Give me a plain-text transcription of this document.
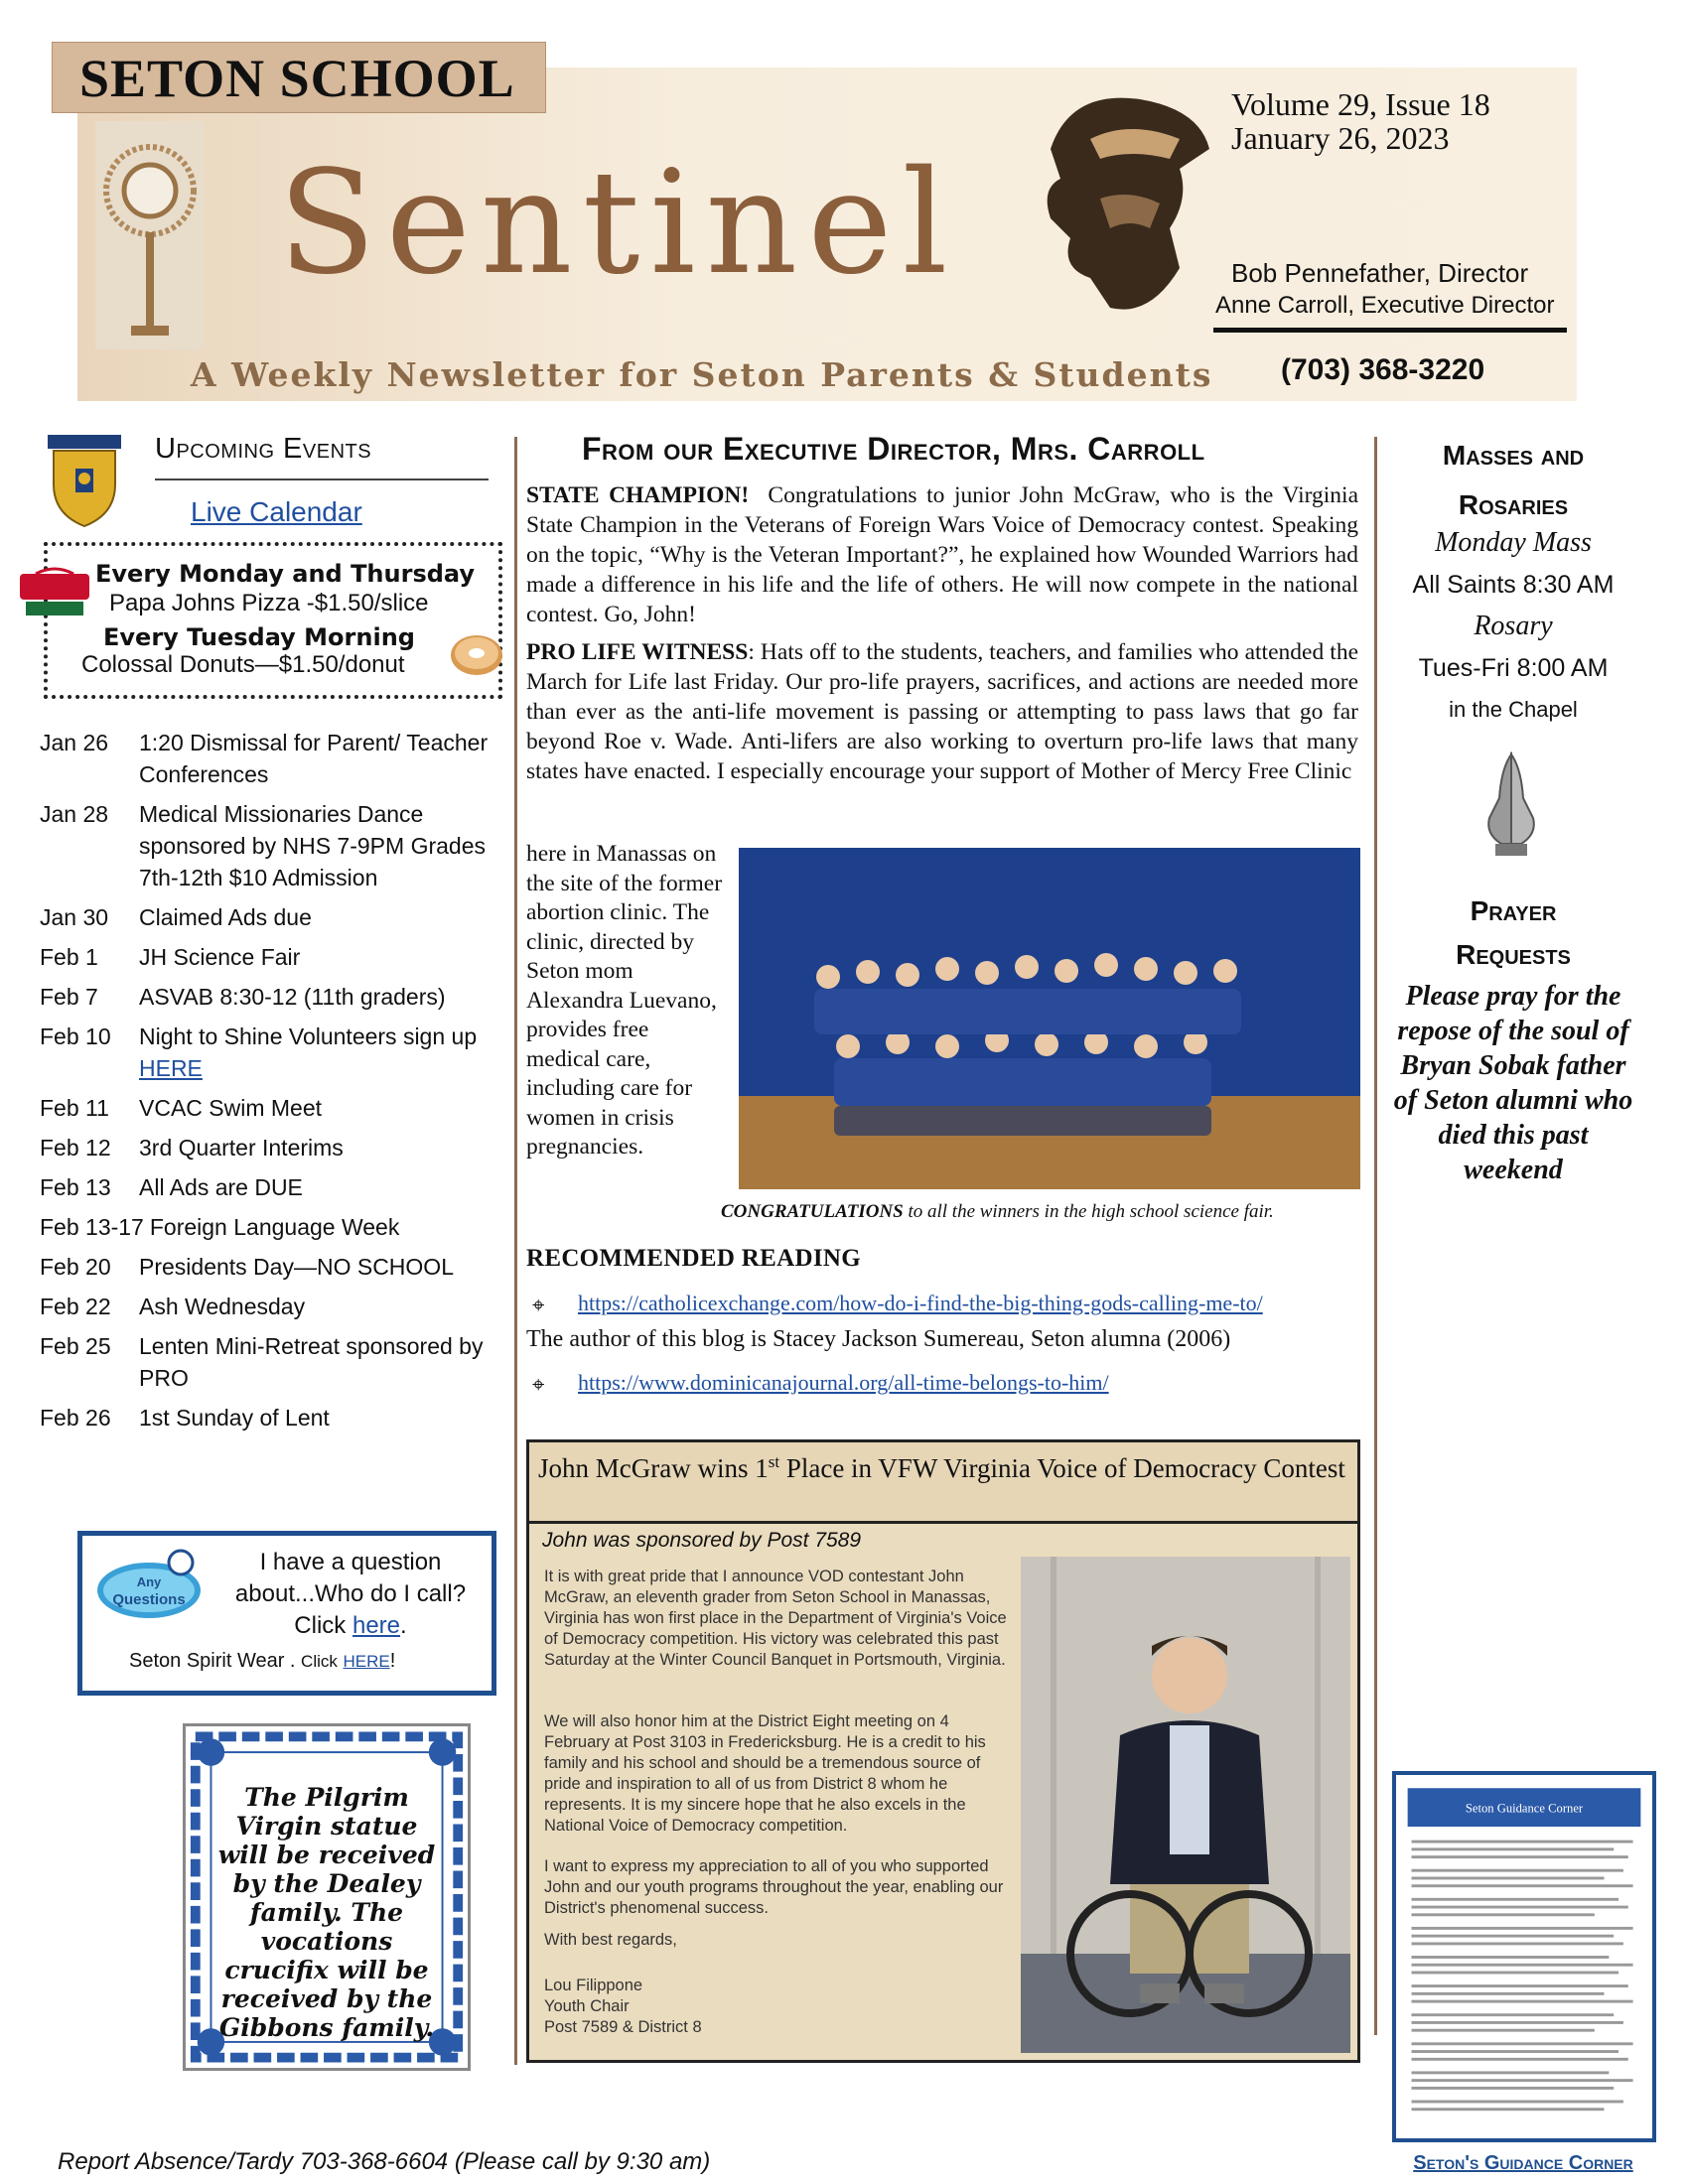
SETON SCHOOL
Sentinel
Volume 29, Issue 18
January 26, 2023
Bob Pennefather, Director
Anne Carroll, Executive Director
(703) 368-3220
A Weekly Newsletter for Seton Parents & Students
Upcoming Events
Live Calendar
Every Monday and Thursday
Papa Johns Pizza -$1.50/slice
Every Tuesday Morning
Colossal Donuts—$1.50/donut
Jan 26	1:20 Dismissal for Parent/ Teacher Conferences
Jan 28	Medical Missionaries Dance sponsored by NHS 7-9PM Grades 7th-12th $10 Admission
Jan 30	Claimed Ads due
Feb 1	JH Science Fair
Feb 7	ASVAB 8:30-12 (11th graders)
Feb 10	Night to Shine Volunteers sign up HERE
Feb 11	VCAC Swim Meet
Feb 12	3rd Quarter Interims
Feb 13	All Ads are DUE
Feb 13-17 Foreign Language Week
Feb 20	Presidents Day—NO SCHOOL
Feb 22	Ash Wednesday
Feb 25	Lenten Mini-Retreat sponsored by PRO
Feb 26	1st Sunday of Lent
Any
Questions
I have a question about...Who do I call? Click here.
Seton Spirit Wear . Click HERE!
The Pilgrim Virgin statue will be received by the Dealey family. The vocations crucifix will be received by the Gibbons family.
From our Executive Director, Mrs. Carroll

STATE CHAMPION! Congratulations to junior John McGraw, who is the Virginia State Champion in the Veterans of Foreign Wars Voice of Democracy contest. Speaking on the topic, “Why is the Veteran Important?”, he explained how Wounded Warriors had made a difference in his life and the life of others. He will now compete in the national contest. Go, John!

PRO LIFE WITNESS: Hats off to the students, teachers, and families who attended the March for Life last Friday. Our pro-life prayers, sacrifices, and actions are needed more than ever as the anti-life movement is passing or attempting to pass laws that go far beyond Roe v. Wade. Anti-lifers are also working to overturn pro-life laws that many states have enacted. I especially encourage your support of Mother of Mercy Free Clinic

here in Manassas on the site of the former abortion clinic. The clinic, directed by Seton mom Alexandra Luevano, provides free medical care, including care for women in crisis pregnancies.
CONGRATULATIONS to all the winners in the high school science fair.
RECOMMENDED READING
⌖ https://catholicexchange.com/how-do-i-find-the-big-thing-gods-calling-me-to/
The author of this blog is Stacey Jackson Sumereau, Seton alumna (2006)
⌖ https://www.dominicanajournal.org/all-time-belongs-to-him/
John McGraw wins 1st Place in VFW Virginia Voice of Democracy Contest
John was sponsored by Post 7589
It is with great pride that I announce VOD contestant John McGraw, an eleventh grader from Seton School in Manassas, Virginia has won first place in the Department of Virginia's Voice of Democracy competition. His victory was celebrated this past Saturday at the Winter Council Banquet in Portsmouth, Virginia.
We will also honor him at the District Eight meeting on 4 February at Post 3103 in Fredericksburg. He is a credit to his family and his school and should be a tremendous source of pride and inspiration to all of us from District 8 whom he represents. It is my sincere hope that he also excels in the National Voice of Democracy competition.
I want to express my appreciation to all of you who supported John and our youth programs throughout the year, enabling our District's phenomenal success.
With best regards,
Lou Filippone
Youth Chair
Post 7589 & District 8
Masses and
Rosaries
Monday Mass
All Saints 8:30 AM
Rosary
Tues-Fri 8:00 AM
in the Chapel
Prayer
Requests
Please pray for the repose of the soul of Bryan Sobak father of Seton alumni who died this past weekend
Seton Guidance Corner
Seton's Guidance Corner
Report Absence/Tardy 703-368-6604 (Please call by 9:30 am)
